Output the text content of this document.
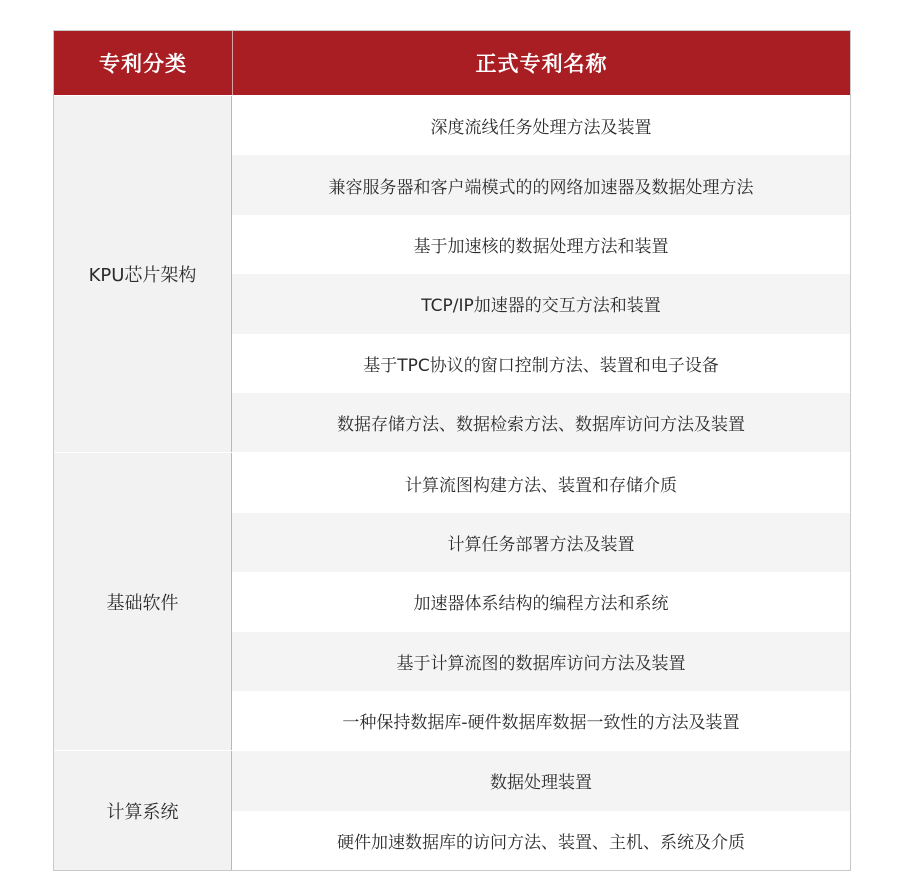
专利分类	正式专利名称
KPU芯片架构
深度流线任务处理方法及装置
兼容服务器和客户端模式的的网络加速器及数据处理方法
基于加速核的数据处理方法和装置
TCP/IP加速器的交互方法和装置
基于TPC协议的窗口控制方法、装置和电子设备
数据存储方法、数据检索方法、数据库访问方法及装置
基础软件
计算流图构建方法、装置和存储介质
计算任务部署方法及装置
加速器体系结构的编程方法和系统
基于计算流图的数据库访问方法及装置
一种保持数据库-硬件数据库数据一致性的方法及装置
计算系统
数据处理装置
硬件加速数据库的访问方法、装置、主机、系统及介质
